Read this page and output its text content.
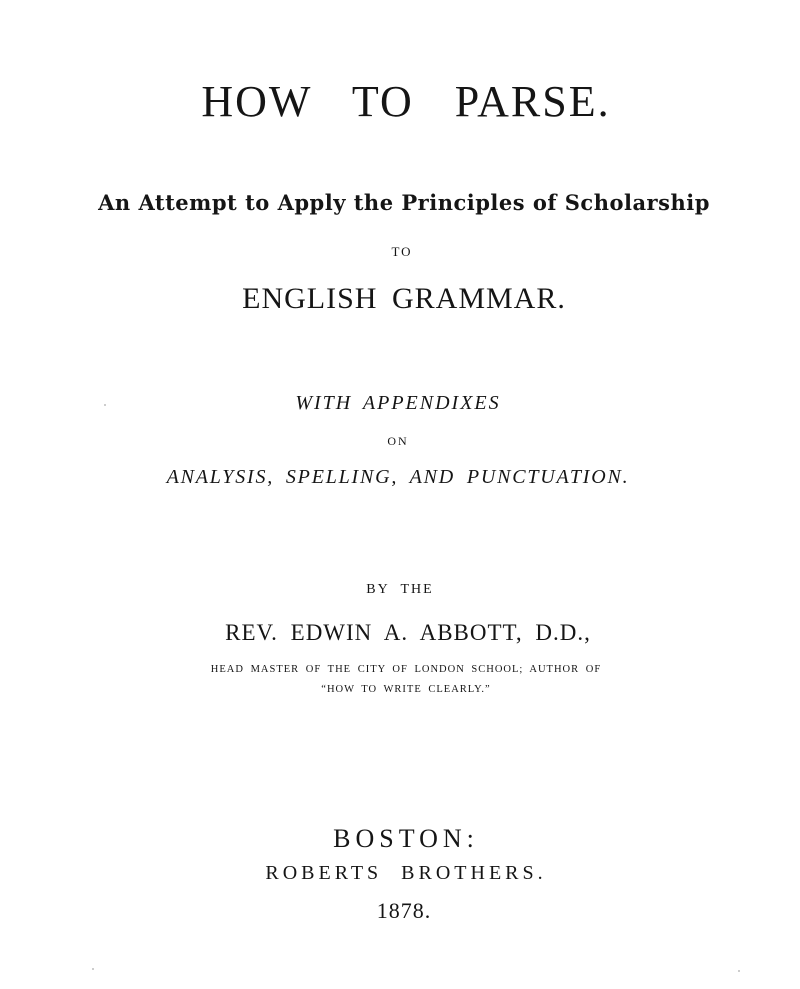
HOW TO PARSE.
An Attempt to Apply the Principles of Scholarship
TO
ENGLISH GRAMMAR.
WITH APPENDIXES
ON
ANALYSIS, SPELLING, AND PUNCTUATION.
BY THE
REV. EDWIN A. ABBOTT, D.D.,
HEAD MASTER OF THE CITY OF LONDON SCHOOL; AUTHOR OF
“HOW TO WRITE CLEARLY.”
BOSTON:
ROBERTS BROTHERS.
1878.
